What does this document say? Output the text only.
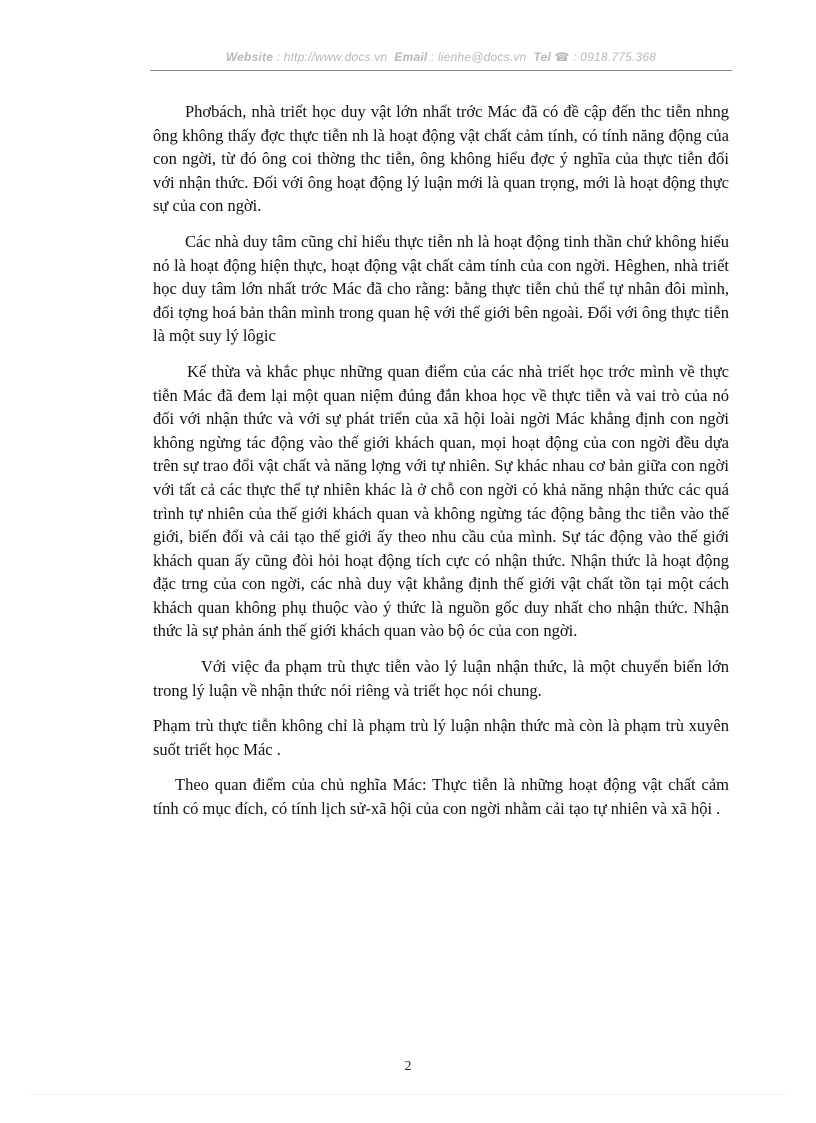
Website : http://www.docs.vn Email : lienhe@docs.vn Tel ☎ : 0918.775.368

Phơbách, nhà triết học duy vật lớn nhất trớc Mác đã có đề cập đến thc tiễn nhng ông không thấy đợc thực tiễn nh là hoạt động vật chất cảm tính, có tính năng động của con ngời, từ đó ông coi thờng thc tiễn, ông không hiểu đợc ý nghĩa của thực tiễn đối với nhận thức. Đối với ông hoạt động lý luận mới là quan trọng, mới là hoạt động thực sự của con ngời.

Các nhà duy tâm cũng chỉ hiểu thực tiễn nh là hoạt động tinh thần chứ không hiểu nó là hoạt động hiện thực, hoạt động vật chất cảm tính của con ngời. Hêghen, nhà triết học duy tâm lớn nhất trớc Mác đã cho rằng: bằng thực tiễn chủ thể tự nhân đôi mình, đối tợng hoá bản thân mình trong quan hệ với thế giới bên ngoài. Đối với ông thực tiễn là một suy lý lôgic

Kế thừa và khắc phục những quan điểm của các nhà triết học trớc mình về thực tiễn Mác đã đem lại một quan niệm đúng đắn khoa học về thực tiễn và vai trò của nó đối với nhận thức và với sự phát triển của xã hội loài ngời Mác khẳng định con ngời không ngừng tác động vào thế giới khách quan, mọi hoạt động của con ngời đều dựa trên sự trao đổi vật chất và năng lợng với tự nhiên. Sự khác nhau cơ bản giữa con ngời với tất cả các thực thể tự nhiên khác là ở chỗ con ngời có khả năng nhận thức các quá trình tự nhiên của thế giới khách quan và không ngừng tác động bằng thc tiễn vào thế giới, biến đổi và cải tạo thế giới ấy theo nhu cầu của mình. Sự tác động vào thế giới khách quan ấy cũng đòi hỏi hoạt động tích cực có nhận thức. Nhận thức là hoạt động đặc trng của con ngời, các nhà duy vật khẳng định thế giới vật chất tồn tại một cách khách quan không phụ thuộc vào ý thức là nguồn gốc duy nhất cho nhận thức. Nhận thức là sự phản ánh thế giới khách quan vào bộ óc của con ngời.

Với việc đa phạm trù thực tiễn vào lý luận nhận thức, là một chuyển biến lớn trong lý luận về nhận thức nói riêng và triết học nói chung.

Phạm trù thực tiễn không chỉ là phạm trù lý luận nhận thức mà còn là phạm trù xuyên suốt triết học Mác .

Theo quan điểm của chủ nghĩa Mác: Thực tiễn là những hoạt động vật chất cảm tính có mục đích, có tính lịch sử-xã hội của con ngời nhằm cải tạo tự nhiên và xã hội .

2
